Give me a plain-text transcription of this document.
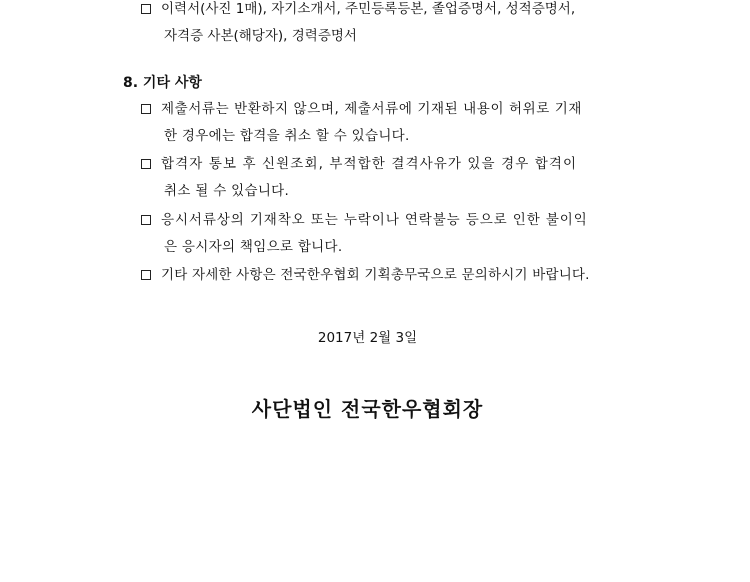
이력서(사진 1매), 자기소개서, 주민등록등본, 졸업증명서, 성적증명서,
자격증 사본(해당자), 경력증명서
8. 기타 사항
제출서류는 반환하지 않으며, 제출서류에 기재된 내용이 허위로 기재
한 경우에는 합격을 취소 할 수 있습니다.
합격자 통보 후 신원조회, 부적합한 결격사유가 있을 경우 합격이
취소 될 수 있습니다.
응시서류상의 기재착오 또는 누락이나 연락불능 등으로 인한 불이익
은 응시자의 책임으로 합니다.
기타 자세한 사항은 전국한우협회 기획총무국으로 문의하시기 바랍니다.
2017년 2월 3일
사단법인 전국한우협회장
